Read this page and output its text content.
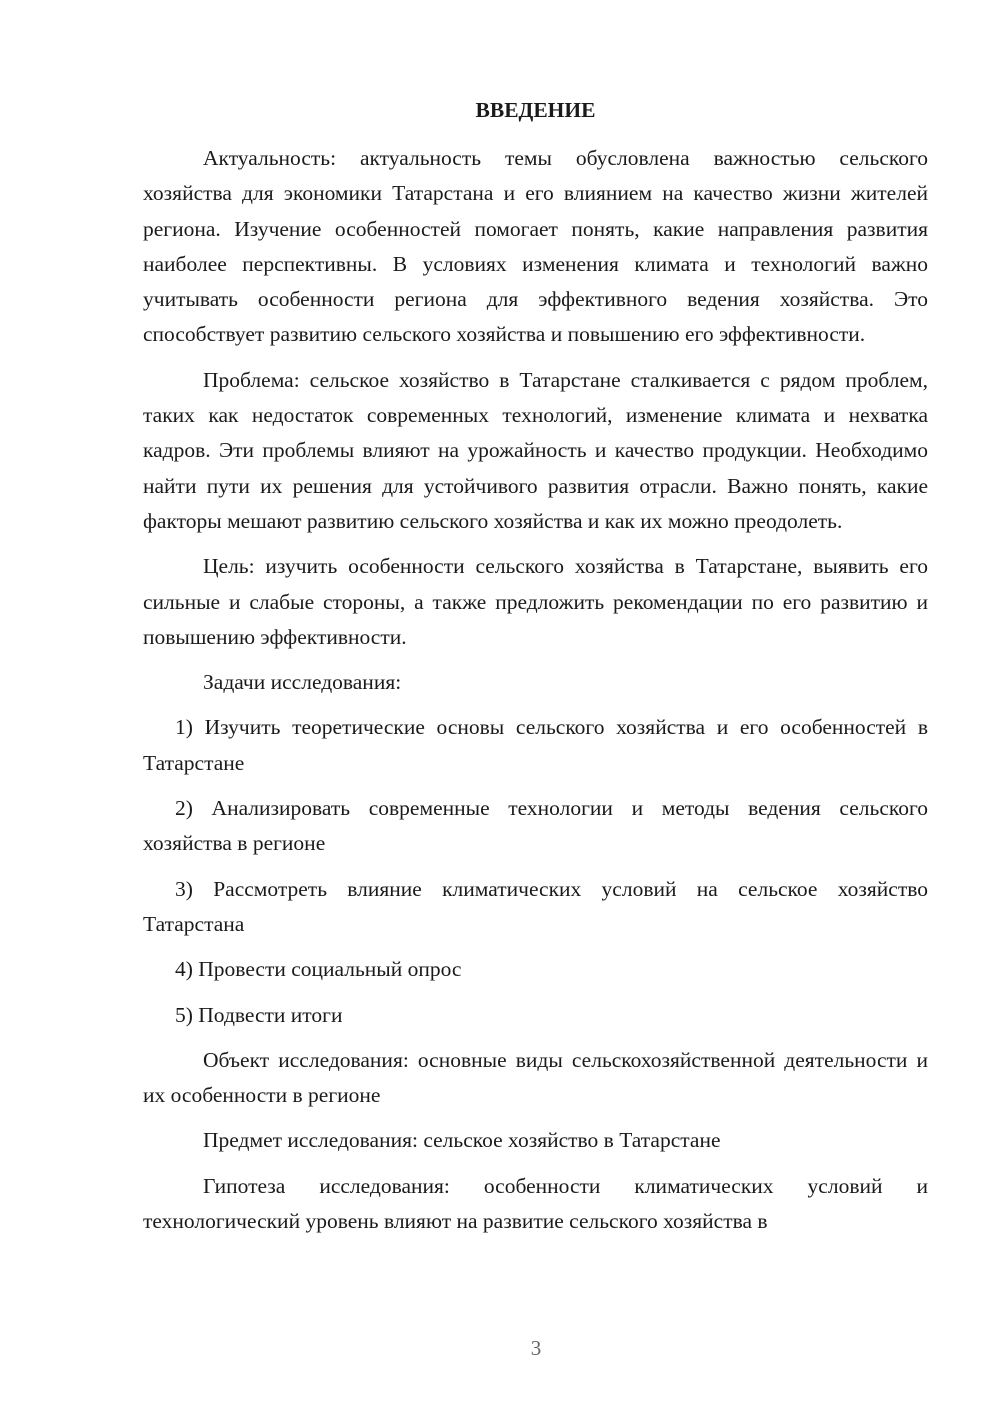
ВВЕДЕНИЕ
Актуальность: актуальность темы обусловлена важностью сельского хозяйства для экономики Татарстана и его влиянием на качество жизни жителей региона. Изучение особенностей помогает понять, какие направления развития наиболее перспективны. В условиях изменения климата и технологий важно учитывать особенности региона для эффективного ведения хозяйства. Это способствует развитию сельского хозяйства и повышению его эффективности.
Проблема: сельское хозяйство в Татарстане сталкивается с рядом проблем, таких как недостаток современных технологий, изменение климата и нехватка кадров. Эти проблемы влияют на урожайность и качество продукции. Необходимо найти пути их решения для устойчивого развития отрасли. Важно понять, какие факторы мешают развитию сельского хозяйства и как их можно преодолеть.
Цель: изучить особенности сельского хозяйства в Татарстане, выявить его сильные и слабые стороны, а также предложить рекомендации по его развитию и повышению эффективности.
Задачи исследования:
1) Изучить теоретические основы сельского хозяйства и его особенностей в Татарстане
2) Анализировать современные технологии и методы ведения сельского хозяйства в регионе
3) Рассмотреть влияние климатических условий на сельское хозяйство Татарстана
4) Провести социальный опрос
5) Подвести итоги
Объект исследования: основные виды сельскохозяйственной деятельности и их особенности в регионе
Предмет исследования: сельское хозяйство в Татарстане
Гипотеза исследования: особенности климатических условий и технологический уровень влияют на развитие сельского хозяйства в
3
